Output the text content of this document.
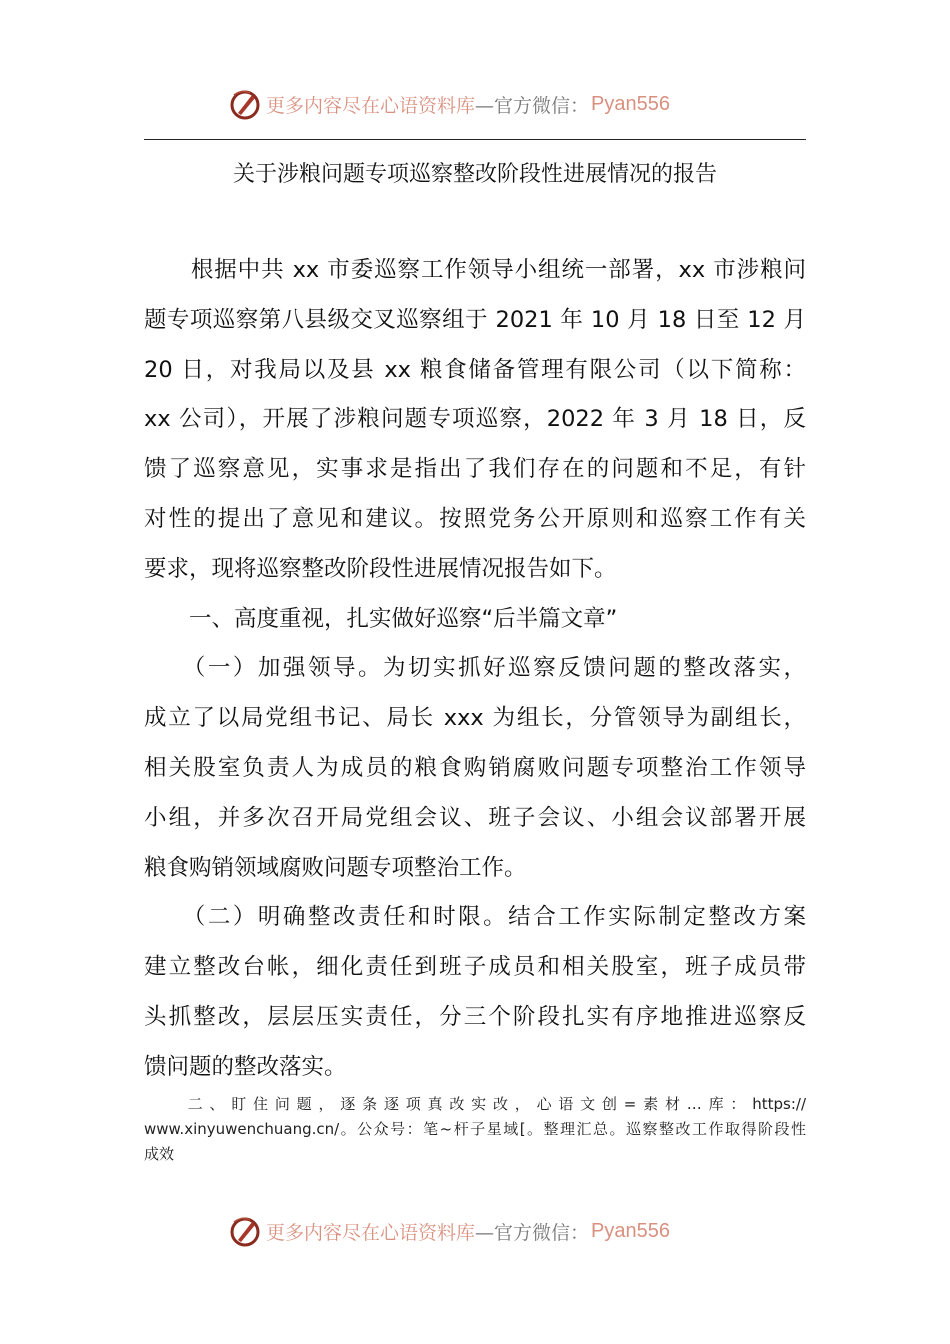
更多内容尽在心语资料库 —官方微信： Pyan556
关于涉粮问题专项巡察整改阶段性进展情况的报告
　　根据中共 xx 市委巡察工作领导小组统一部署，xx 市涉粮问
题专项巡察第八县级交叉巡察组于 2021 年 10 月 18 日至 12 月
20 日，对我局以及县 xx 粮食储备管理有限公司（以下简称：
xx 公司），开展了涉粮问题专项巡察，2022 年 3 月 18 日，反
馈了巡察意见，实事求是指出了我们存在的问题和不足，有针
对性的提出了意见和建议。按照党务公开原则和巡察工作有关
要求，现将巡察整改阶段性进展情况报告如下。
　　一、高度重视，扎实做好巡察“后半篇文章”
　　（一）加强领导。为切实抓好巡察反馈问题的整改落实，
成立了以局党组书记、局长 xxx 为组长，分管领导为副组长，
相关股室负责人为成员的粮食购销腐败问题专项整治工作领导
小组，并多次召开局党组会议、班子会议、小组会议部署开展
粮食购销领域腐败问题专项整治工作。
　　（二）明确整改责任和时限。结合工作实际制定整改方案
建立整改台帐，细化责任到班子成员和相关股室，班子成员带
头抓整改，层层压实责任，分三个阶段扎实有序地推进巡察反
馈问题的整改落实。
　　二、盯住问题，逐条逐项真改实改，心语文创=素材…库：https://
www.xinyuwenchuang.cn/。公众号：笔~杆子星域[。整理汇总。巡察整改工作取得阶段性
成效
更多内容尽在心语资料库 —官方微信： Pyan556
